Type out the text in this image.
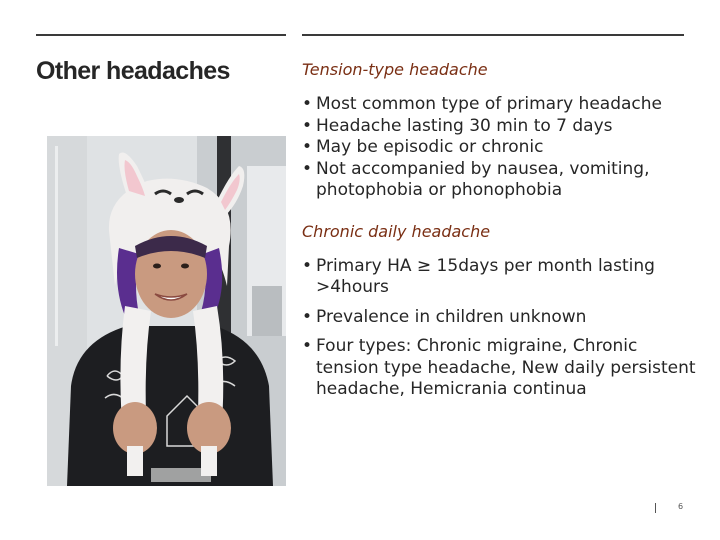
Other headaches	Tension-type headache

• Most common type of primary headache
• Headache lasting 30 min to 7 days
• May be episodic or chronic
• Not accompanied by nausea, vomiting, photophobia or phonophobia

Chronic daily headache

• Primary HA ≥ 15days per month lasting >4hours
• Prevalence in children unknown
• Four types: Chronic migraine, Chronic tension type headache, New daily persistent headache, Hemicrania continua
6
